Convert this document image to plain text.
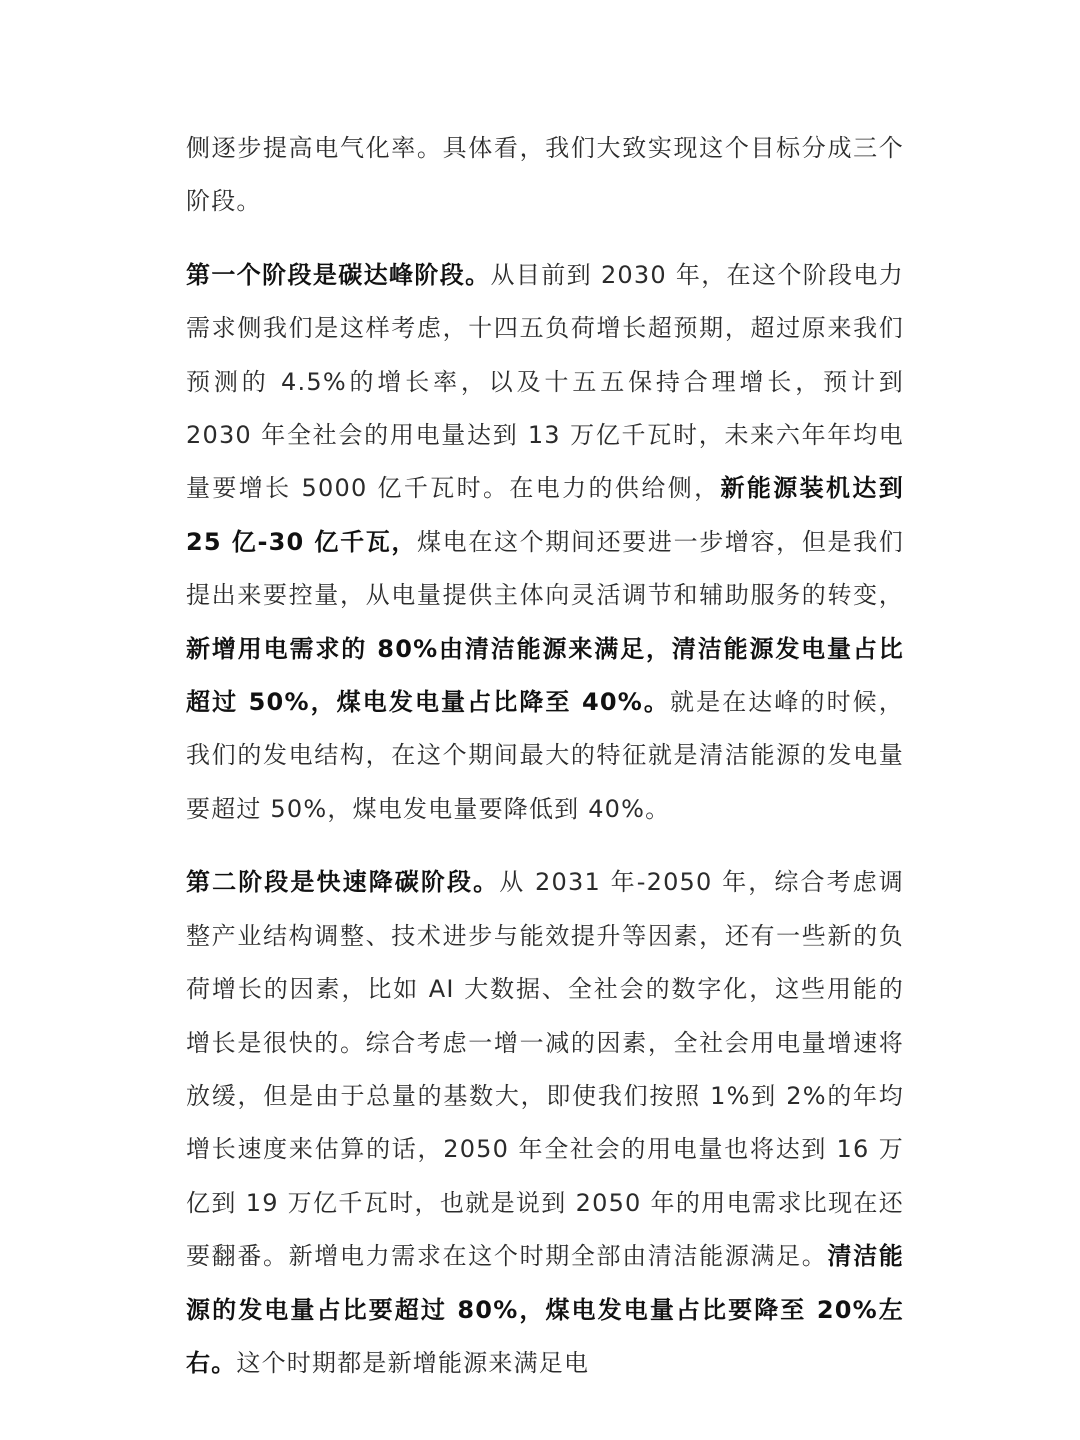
侧逐步提高电气化率。具体看，我们大致实现这个目标分成三个阶段。

第一个阶段是碳达峰阶段。从目前到 2030 年，在这个阶段电力需求侧我们是这样考虑，十四五负荷增长超预期，超过原来我们预测的 4.5%的增长率，以及十五五保持合理增长，预计到 2030 年全社会的用电量达到 13 万亿千瓦时，未来六年年均电量要增长 5000 亿千瓦时。在电力的供给侧，新能源装机达到 25 亿-30 亿千瓦，煤电在这个期间还要进一步增容，但是我们提出来要控量，从电量提供主体向灵活调节和辅助服务的转变，新增用电需求的 80%由清洁能源来满足，清洁能源发电量占比超过 50%，煤电发电量占比降至 40%。就是在达峰的时候，我们的发电结构，在这个期间最大的特征就是清洁能源的发电量要超过 50%，煤电发电量要降低到 40%。

第二阶段是快速降碳阶段。从 2031 年-2050 年，综合考虑调整产业结构调整、技术进步与能效提升等因素，还有一些新的负荷增长的因素，比如 AI 大数据、全社会的数字化，这些用能的增长是很快的。综合考虑一增一减的因素，全社会用电量增速将放缓，但是由于总量的基数大，即使我们按照 1%到 2%的年均增长速度来估算的话，2050 年全社会的用电量也将达到 16 万亿到 19 万亿千瓦时，也就是说到 2050 年的用电需求比现在还要翻番。新增电力需求在这个时期全部由清洁能源满足。清洁能源的发电量占比要超过 80%，煤电发电量占比要降至 20%左右。这个时期都是新增能源来满足电
